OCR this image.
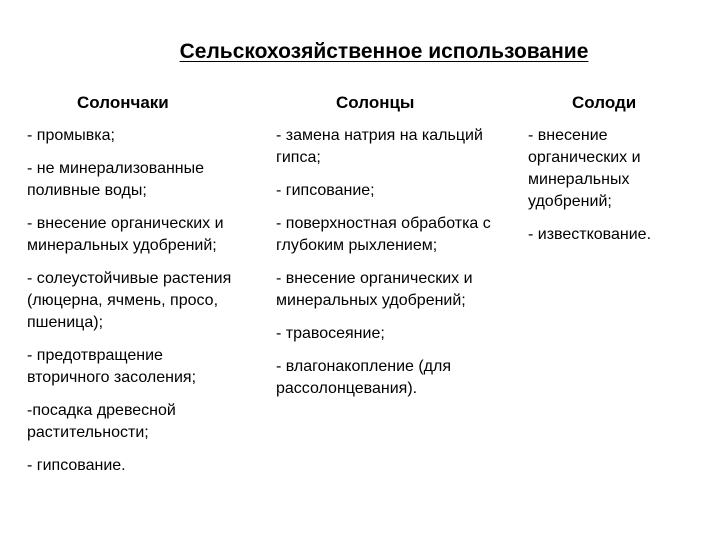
Сельскохозяйственное использование
Солончаки
- промывка;
- не минерализованные поливные воды;
- внесение органических и минеральных удобрений;
- солеустойчивые растения (люцерна, ячмень, просо, пшеница);
- предотвращение вторичного засоления;
-посадка древесной растительности;
- гипсование.
Солонцы
- замена натрия на кальций гипса;
- гипсование;
- поверхностная обработка с глубоким рыхлением;
- внесение органических и минеральных удобрений;
- травосеяние;
- влагонакопление (для рассолонцевания).
Солоди
- внесение органических и минеральных удобрений;
- известкование.
